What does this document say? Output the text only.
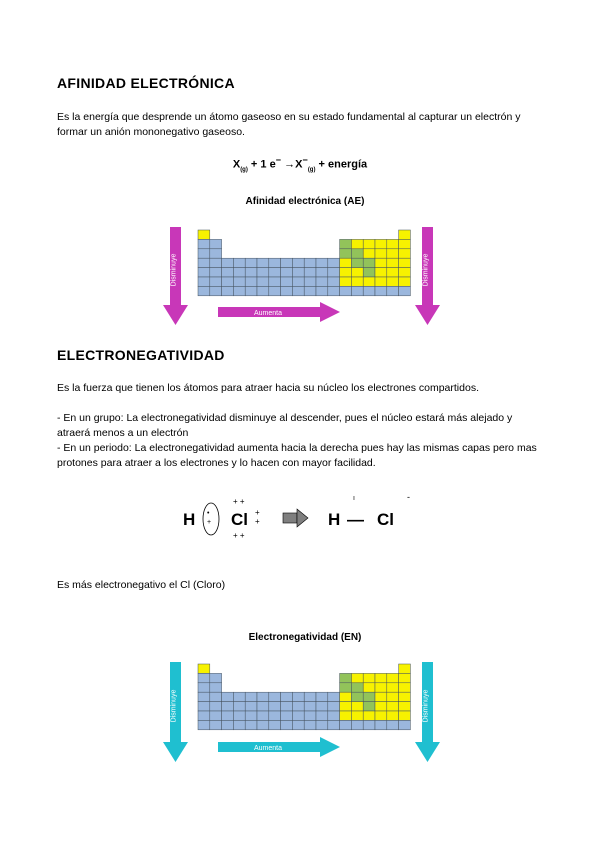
AFINIDAD ELECTRÓNICA

Es la energía que desprende un átomo gaseoso en su estado fundamental al capturar un electrón y formar un anión mononegativo gaseoso.

$X_{(g)} + 1$ $e^- \to X^-_{(g)}$ + energía
Afinidad electrónica (AE)
Disminuye	Disminuye
Aumenta
ELECTRONEGATIVIDAD

Es la fuerza que tienen los átomos para atraer hacia su núcleo los electrones compartidos.

- En un grupo: La electronegatividad disminuye al descender, pues el núcleo estará más alejado y atraerá menos a un electrón

- En un periodo: La electronegatividad aumenta hacia la derecha pues hay las mismas capas pero mas protones para atraer a los electrones y lo hacen con mayor facilidad.

H •
+ Cl
+ +
+ +
+
+	H
ı
— Cl
-

Es más electronegativo el Cl (Cloro)

Electronegatividad (EN)
Disminuye	Disminuye
Aumenta
